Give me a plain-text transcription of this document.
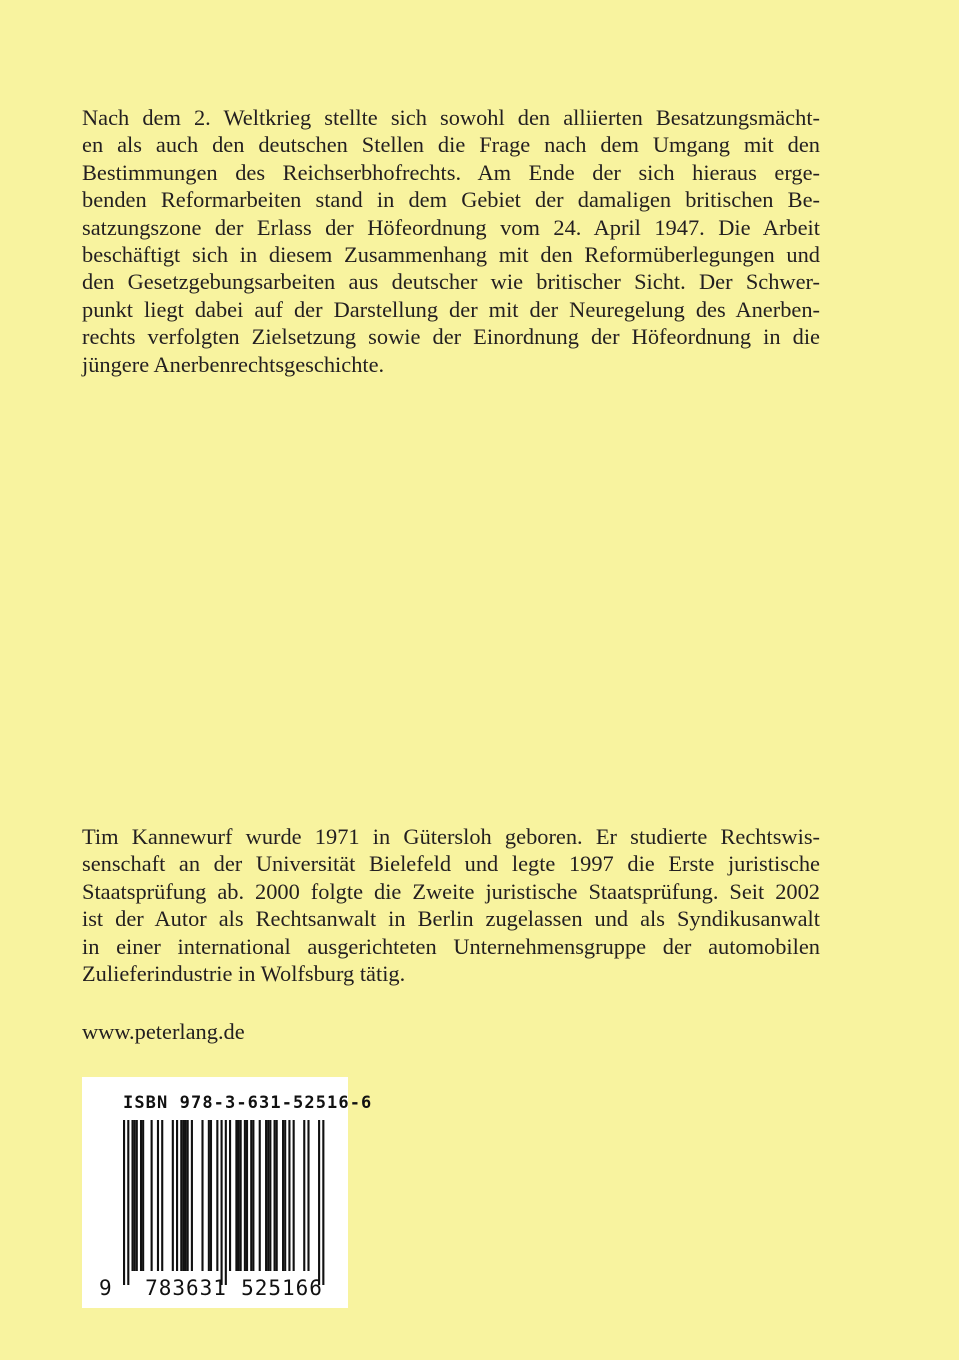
Nach dem 2. Weltkrieg stellte sich sowohl den alliierten Besatzungsmächt-
en als auch den deutschen Stellen die Frage nach dem Umgang mit den
Bestimmungen des Reichserbhofrechts. Am Ende der sich hieraus erge-
benden Reformarbeiten stand in dem Gebiet der damaligen britischen Be-
satzungszone der Erlass der Höfeordnung vom 24. April 1947. Die Arbeit
beschäftigt sich in diesem Zusammenhang mit den Reformüberlegungen und
den Gesetzgebungsarbeiten aus deutscher wie britischer Sicht. Der Schwer-
punkt liegt dabei auf der Darstellung der mit der Neuregelung des Anerben-
rechts verfolgten Zielsetzung sowie der Einordnung der Höfeordnung in die
jüngere Anerbenrechtsgeschichte.
Tim Kannewurf wurde 1971 in Gütersloh geboren. Er studierte Rechtswis-
senschaft an der Universität Bielefeld und legte 1997 die Erste juristische
Staatsprüfung ab. 2000 folgte die Zweite juristische Staatsprüfung. Seit 2002
ist der Autor als Rechtsanwalt in Berlin zugelassen und als Syndikusanwalt
in einer international ausgerichteten Unternehmensgruppe der automobilen
Zulieferindustrie in Wolfsburg tätig.

www.peterlang.de

9 783631 525166
ISBN 978-3-631-52516-6
